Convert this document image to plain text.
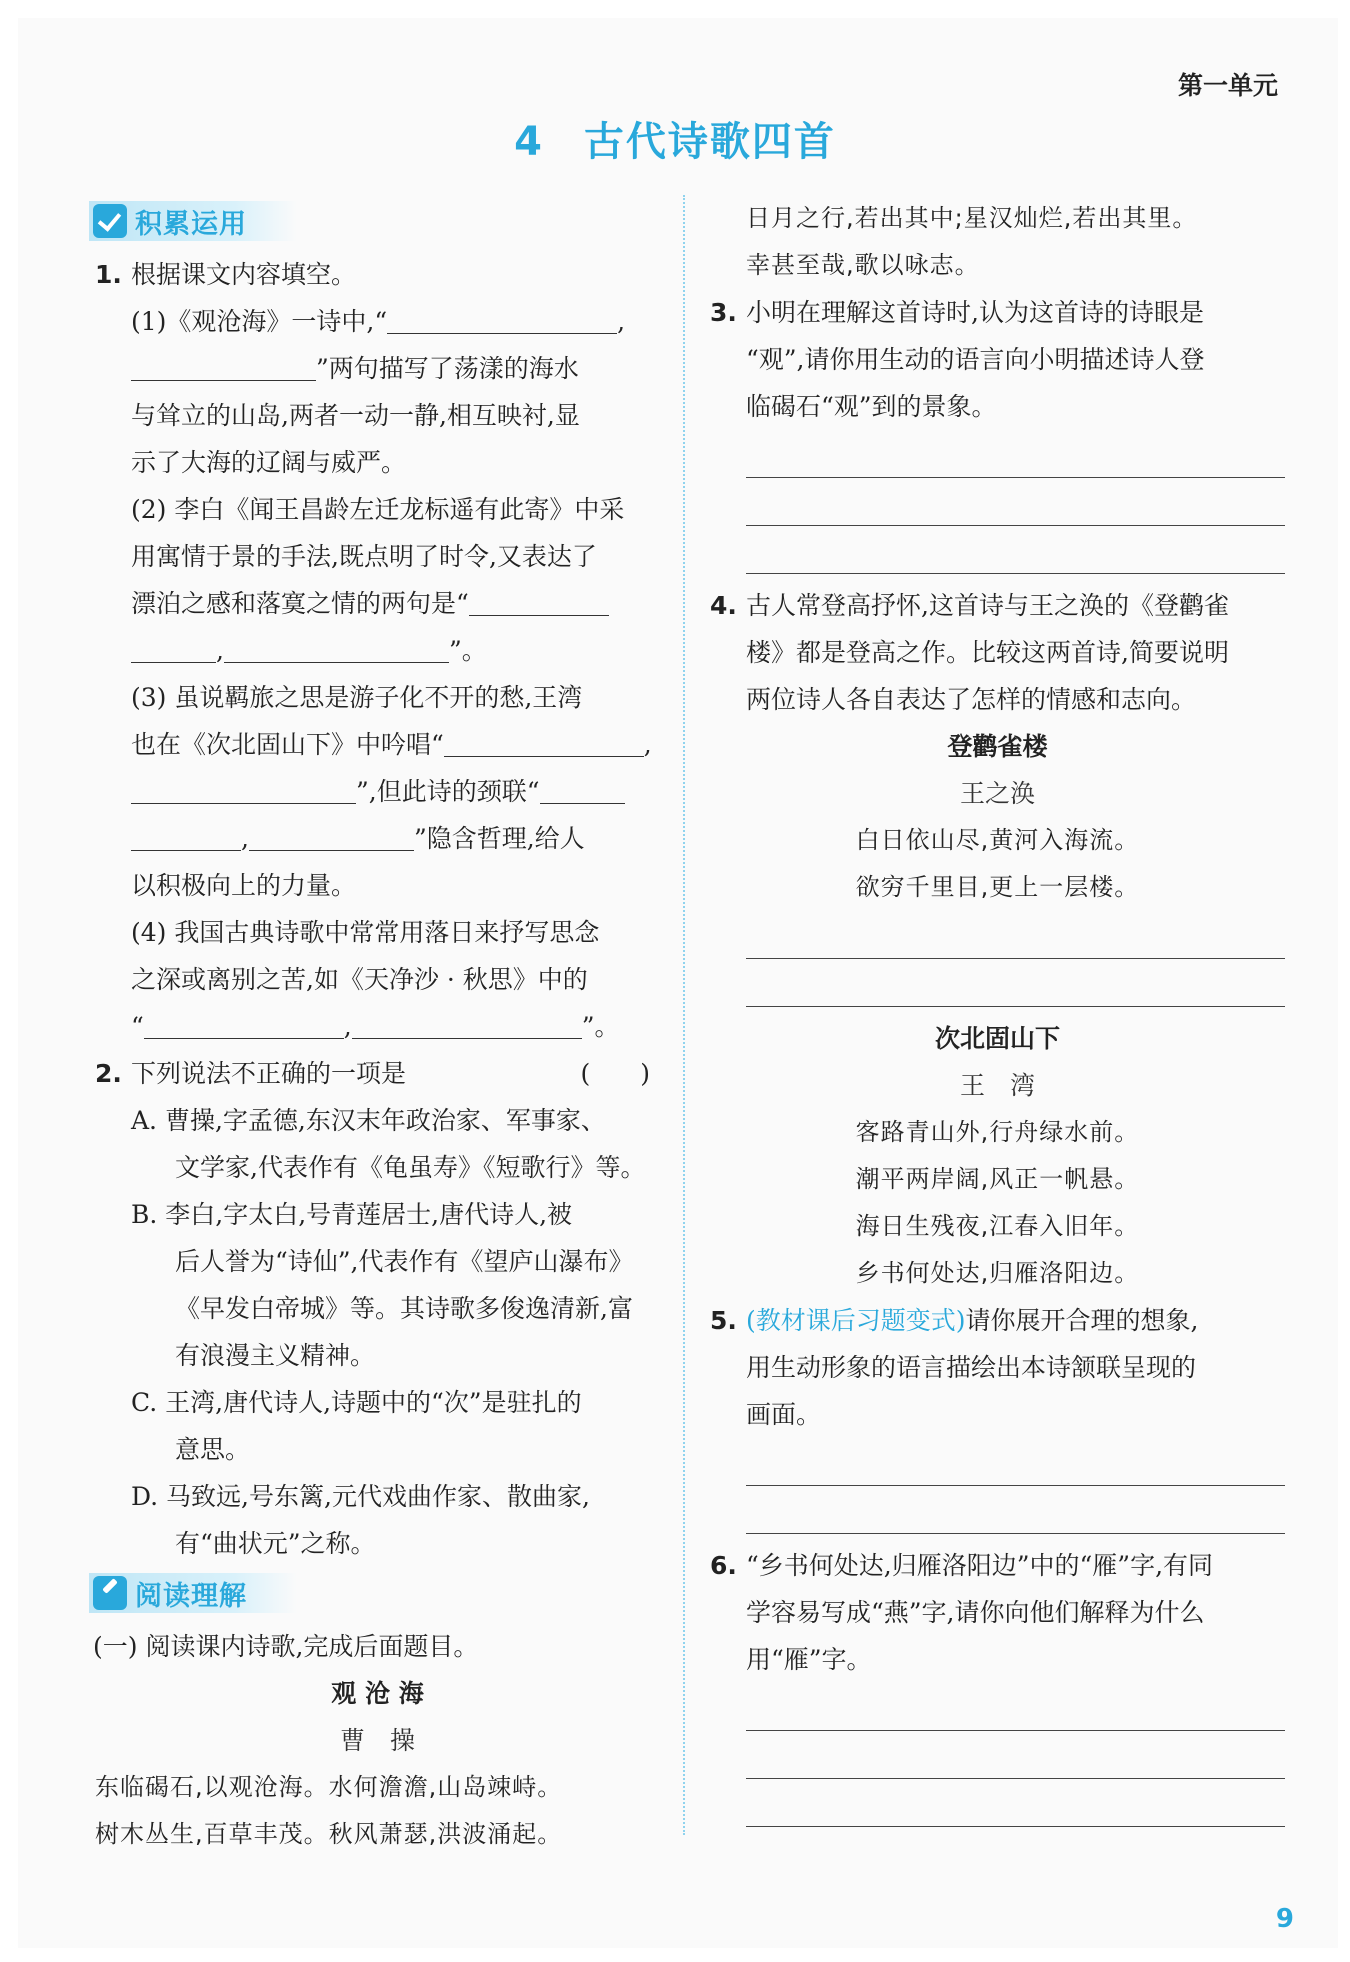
第一单元
4 古代诗歌四首
积累运用
1. 根据课文内容填空。
(1)《观沧海》一诗中,“	,
”两句描写了荡漾的海水
与耸立的山岛,两者一动一静,相互映衬,显
示了大海的辽阔与威严。
(2) 李白《闻王昌龄左迁龙标遥有此寄》中采
用寓情于景的手法,既点明了时令,又表达了
漂泊之感和落寞之情的两句是“
,	”。
(3) 虽说羁旅之思是游子化不开的愁,王湾
也在《次北固山下》中吟唱“	,
”,但此诗的颈联“
,	”隐含哲理,给人
以积极向上的力量。
(4) 我国古典诗歌中常常用落日来抒写思念
之深或离别之苦,如《天净沙 · 秋思》中的
“	,	”。
2. 下列说法不正确的一项是	(　　)
A. 曹操,字孟德,东汉末年政治家、军事家、
文学家,代表作有《龟虽寿》《短歌行》等。
B. 李白,字太白,号青莲居士,唐代诗人,被
后人誉为“诗仙”,代表作有《望庐山瀑布》
《早发白帝城》等。其诗歌多俊逸清新,富
有浪漫主义精神。
C. 王湾,唐代诗人,诗题中的“次”是驻扎的
意思。
D. 马致远,号东篱,元代戏曲作家、散曲家,
有“曲状元”之称。
阅读理解
(一) 阅读课内诗歌,完成后面题目。
观 沧 海
曹　操
东临碣石,以观沧海。水何澹澹,山岛竦峙。
树木丛生,百草丰茂。秋风萧瑟,洪波涌起。
日月之行,若出其中;星汉灿烂,若出其里。
幸甚至哉,歌以咏志。
3. 小明在理解这首诗时,认为这首诗的诗眼是
“观”,请你用生动的语言向小明描述诗人登
临碣石“观”到的景象。
4. 古人常登高抒怀,这首诗与王之涣的《登鹳雀
楼》都是登高之作。比较这两首诗,简要说明
两位诗人各自表达了怎样的情感和志向。
登鹳雀楼
王之涣
白日依山尽,黄河入海流。
欲穷千里目,更上一层楼。
次北固山下
王　湾
客路青山外,行舟绿水前。
潮平两岸阔,风正一帆悬。
海日生残夜,江春入旧年。
乡书何处达,归雁洛阳边。
5. (教材课后习题变式)请你展开合理的想象,
用生动形象的语言描绘出本诗颔联呈现的
画面。
6. “乡书何处达,归雁洛阳边”中的“雁”字,有同
学容易写成“燕”字,请你向他们解释为什么
用“雁”字。
9
